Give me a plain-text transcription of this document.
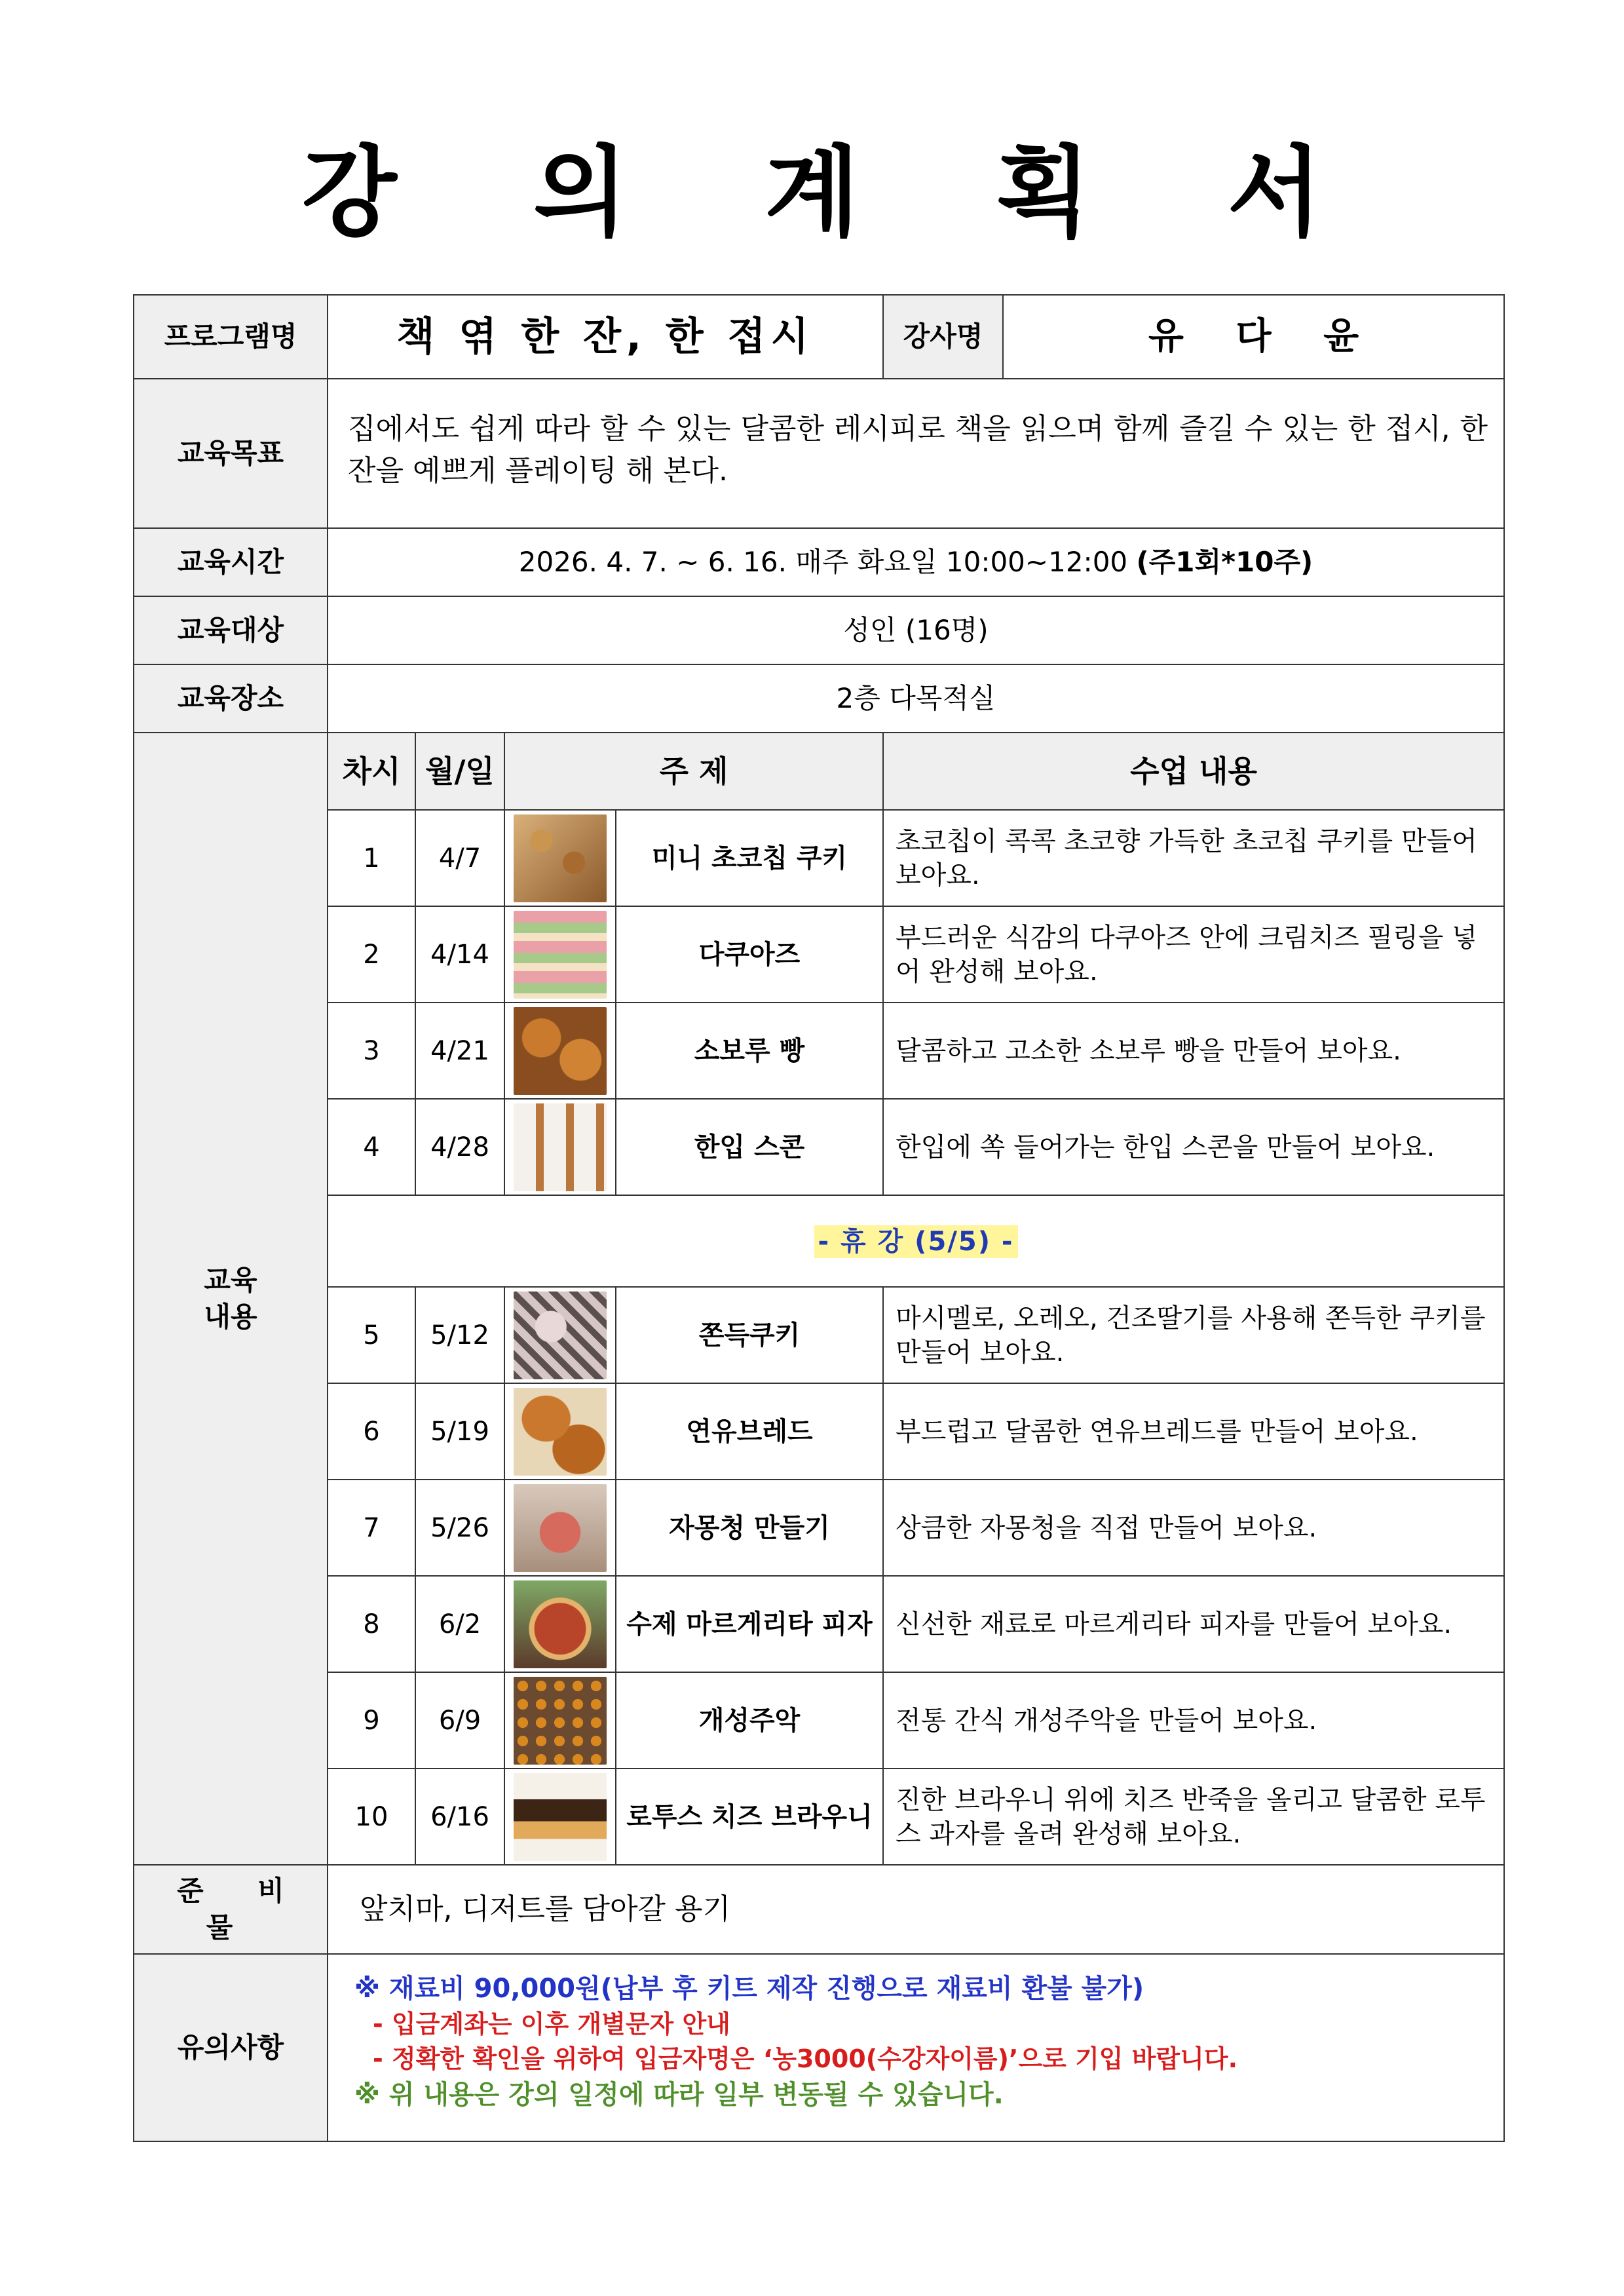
강 의 계 획 서
프로그램명	책 엮 한 잔, 한 접시				강사명	유 다 윤
교육목표	집에서도 쉽게 따라 할 수 있는 달콤한 레시피로 책을 읽으며 함께 즐길 수 있는 한 접시, 한 잔을 예쁘게 플레이팅 해 본다.					
교육시간	2026. 4. 7. ~ 6. 16. 매주 화요일 10:00~12:00 (주1회*10주)					
교육대상	성인 (16명)					
교육장소	2층 다목적실					

교육
내용	차시	월/일	주 제		수업 내용	
	1	4/7		미니 초코칩 쿠키	초코칩이 콕콕 초코향 가득한 초코칩 쿠키를 만들어 보아요.	
	2	4/14		다쿠아즈	부드러운 식감의 다쿠아즈 안에 크림치즈 필링을 넣어 완성해 보아요.	
	3	4/21		소보루 빵	달콤하고 고소한 소보루 빵을 만들어 보아요.	
	4	4/28		한입 스콘	한입에 쏙 들어가는 한입 스콘을 만들어 보아요.	
	- 휴 강 (5/5) -					
	5	5/12		쫀득쿠키	마시멜로, 오레오, 건조딸기를 사용해 쫀득한 쿠키를 만들어 보아요.	
	6	5/19		연유브레드	부드럽고 달콤한 연유브레드를 만들어 보아요.	
	7	5/26		자몽청 만들기	상큼한 자몽청을 직접 만들어 보아요.	
	8	6/2		수제 마르게리타 피자	신선한 재료로 마르게리타 피자를 만들어 보아요.	
	9	6/9		개성주악	전통 간식 개성주악을 만들어 보아요.	
	10	6/16		로투스 치즈 브라우니	진한 브라우니 위에 치즈 반죽을 올리고 달콤한 로투스 과자를 올려 완성해 보아요.	
준 비 물	앞치마, 디저트를 담아갈 용기					
유의사항	※ 재료비 90,000원(납부 후 키트 제작 진행으로 재료비 환불 불가)
- 입금계좌는 이후 개별문자 안내
- 정확한 확인을 위하여 입금자명은 ‘농3000(수강자이름)’으로 기입 바랍니다.
※ 위 내용은 강의 일정에 따라 일부 변동될 수 있습니다.					
